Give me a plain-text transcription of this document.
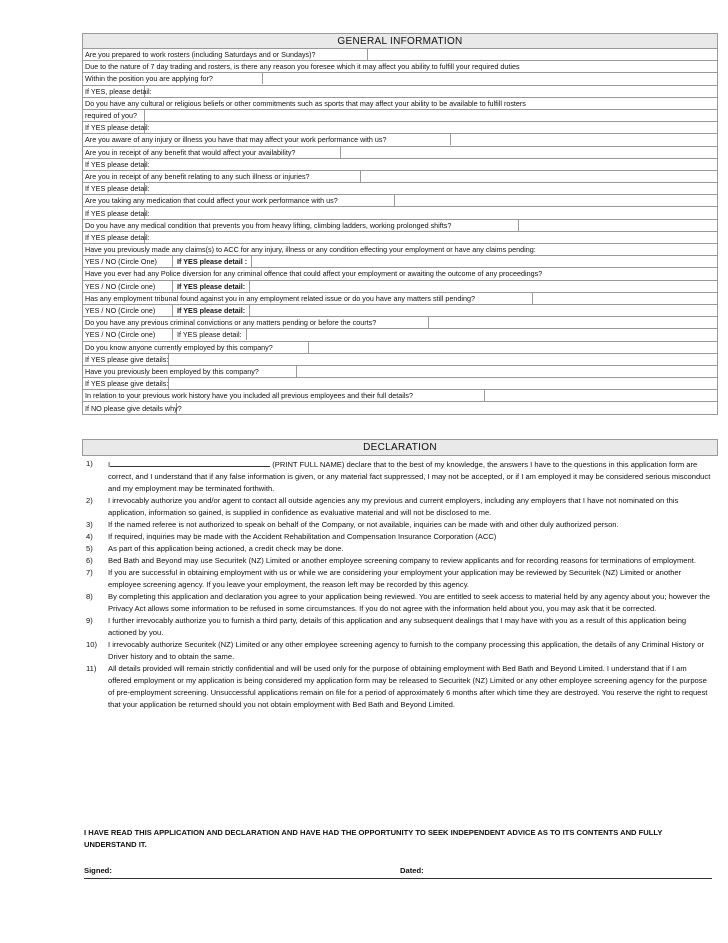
GENERAL INFORMATION

Are you prepared to work rosters (including Saturdays and or Sundays)?

Due to the nature of 7 day trading and rosters, is there any reason you foresee which it may affect you ability to fulfill your required duties

Within the position you are applying for?

If YES, please detail:

Do you have any cultural or religious beliefs or other commitments such as sports that may affect your ability to be available to fulfill rosters

required of you?

If YES please detail:

Are you aware of any injury or illness you have that may affect your work performance with us?

Are you in receipt of any benefit that would affect your availability?

If YES please detail:

Are you in receipt of any benefit relating to any such illness or injuries?

If YES please detail:

Are you taking any medication that could affect your work performance with us?

If YES please detail:

Do you have any medical condition that prevents you from heavy lifting, climbing ladders, working prolonged shifts?

If YES please detail:

Have you previously made any claims(s) to ACC for any injury, illness or any condition effecting your employment or have any claims pending:

YES / NO (Circle One)	If YES please detail :

Have you ever had any Police diversion for any criminal offence that could affect your employment or awaiting the outcome of any proceedings?

YES / NO (Circle one)	If YES please detail:

Has any employment tribunal found against you in any employment related issue or do you have any matters still pending?

YES / NO (Circle one)	If YES please detail:

Do you have any previous criminal convictions or any matters pending or before the courts?

YES / NO (Circle one)	If YES please detail:

Do you know anyone currently employed by this company?

If YES please give details:

Have you previously been employed by this company?

If YES please give details:

In relation to your previous work history have you included all previous employees and their full details?

If NO please give details why?
DECLARATION
1) I	(PRINT FULL NAME) declare that to the best of my knowledge, the answers I have to the questions in this application form are correct, and I understand that if any false information is given, or any material fact suppressed, I may not be accepted, or if I am employed it may be considered serious misconduct and my employment may be terminated forthwith.
2) I irrevocably authorize you and/or agent to contact all outside agencies any my previous and current employers, including any employers that I have not nominated on this application, information so gained, is supplied in confidence as evaluative material and will not be disclosed to me.
3) If the named referee is not authorized to speak on behalf of the Company, or not available, inquiries can be made with and other duly authorized person.
4) If required, inquiries may be made with the Accident Rehabilitation and Compensation Insurance Corporation (ACC)
5) As part of this application being actioned, a credit check may be done.
6) Bed Bath and Beyond may use Securitek (NZ) Limited or another employee screening company to review applicants and for recording reasons for terminations of employment.
7) If you are successful in obtaining employment with us or while we are considering your employment your application may be reviewed by Securitek (NZ) Limited or another employee screening agency. If you leave your employment, the reason left may be recorded by this agency.
8) By completing this application and declaration you agree to your application being reviewed. You are entitled to seek access to material held by any agency about you; however the Privacy Act allows some information to be refused in some circumstances. If you do not agree with the information held about you, you may ask that it be corrected.
9) I further irrevocably authorize you to furnish a third party, details of this application and any subsequent dealings that I may have with you as a result of this application being actioned by you.
10) I irrevocably authorize Securitek (NZ) Limited or any other employee screening agency to furnish to the company processing this application, the details of any Criminal History or Driver history and to obtain the same.
11) All details provided will remain strictly confidential and will be used only for the purpose of obtaining employment with Bed Bath and Beyond Limited. I understand that if I am offered employment or my application is being considered my application form may be released to Securitek (NZ) Limited or any other employee screening agency for the purpose of pre-employment screening. Unsuccessful applications remain on file for a period of approximately 6 months after which time they are destroyed. You reserve the right to request that your application be returned should you not obtain employment with Bed Bath and Beyond Limited.
I HAVE READ THIS APPLICATION AND DECLARATION AND HAVE HAD THE OPPORTUNITY TO SEEK INDEPENDENT ADVICE AS TO ITS CONTENTS AND FULLY UNDERSTAND IT.
Signed:	Dated:
